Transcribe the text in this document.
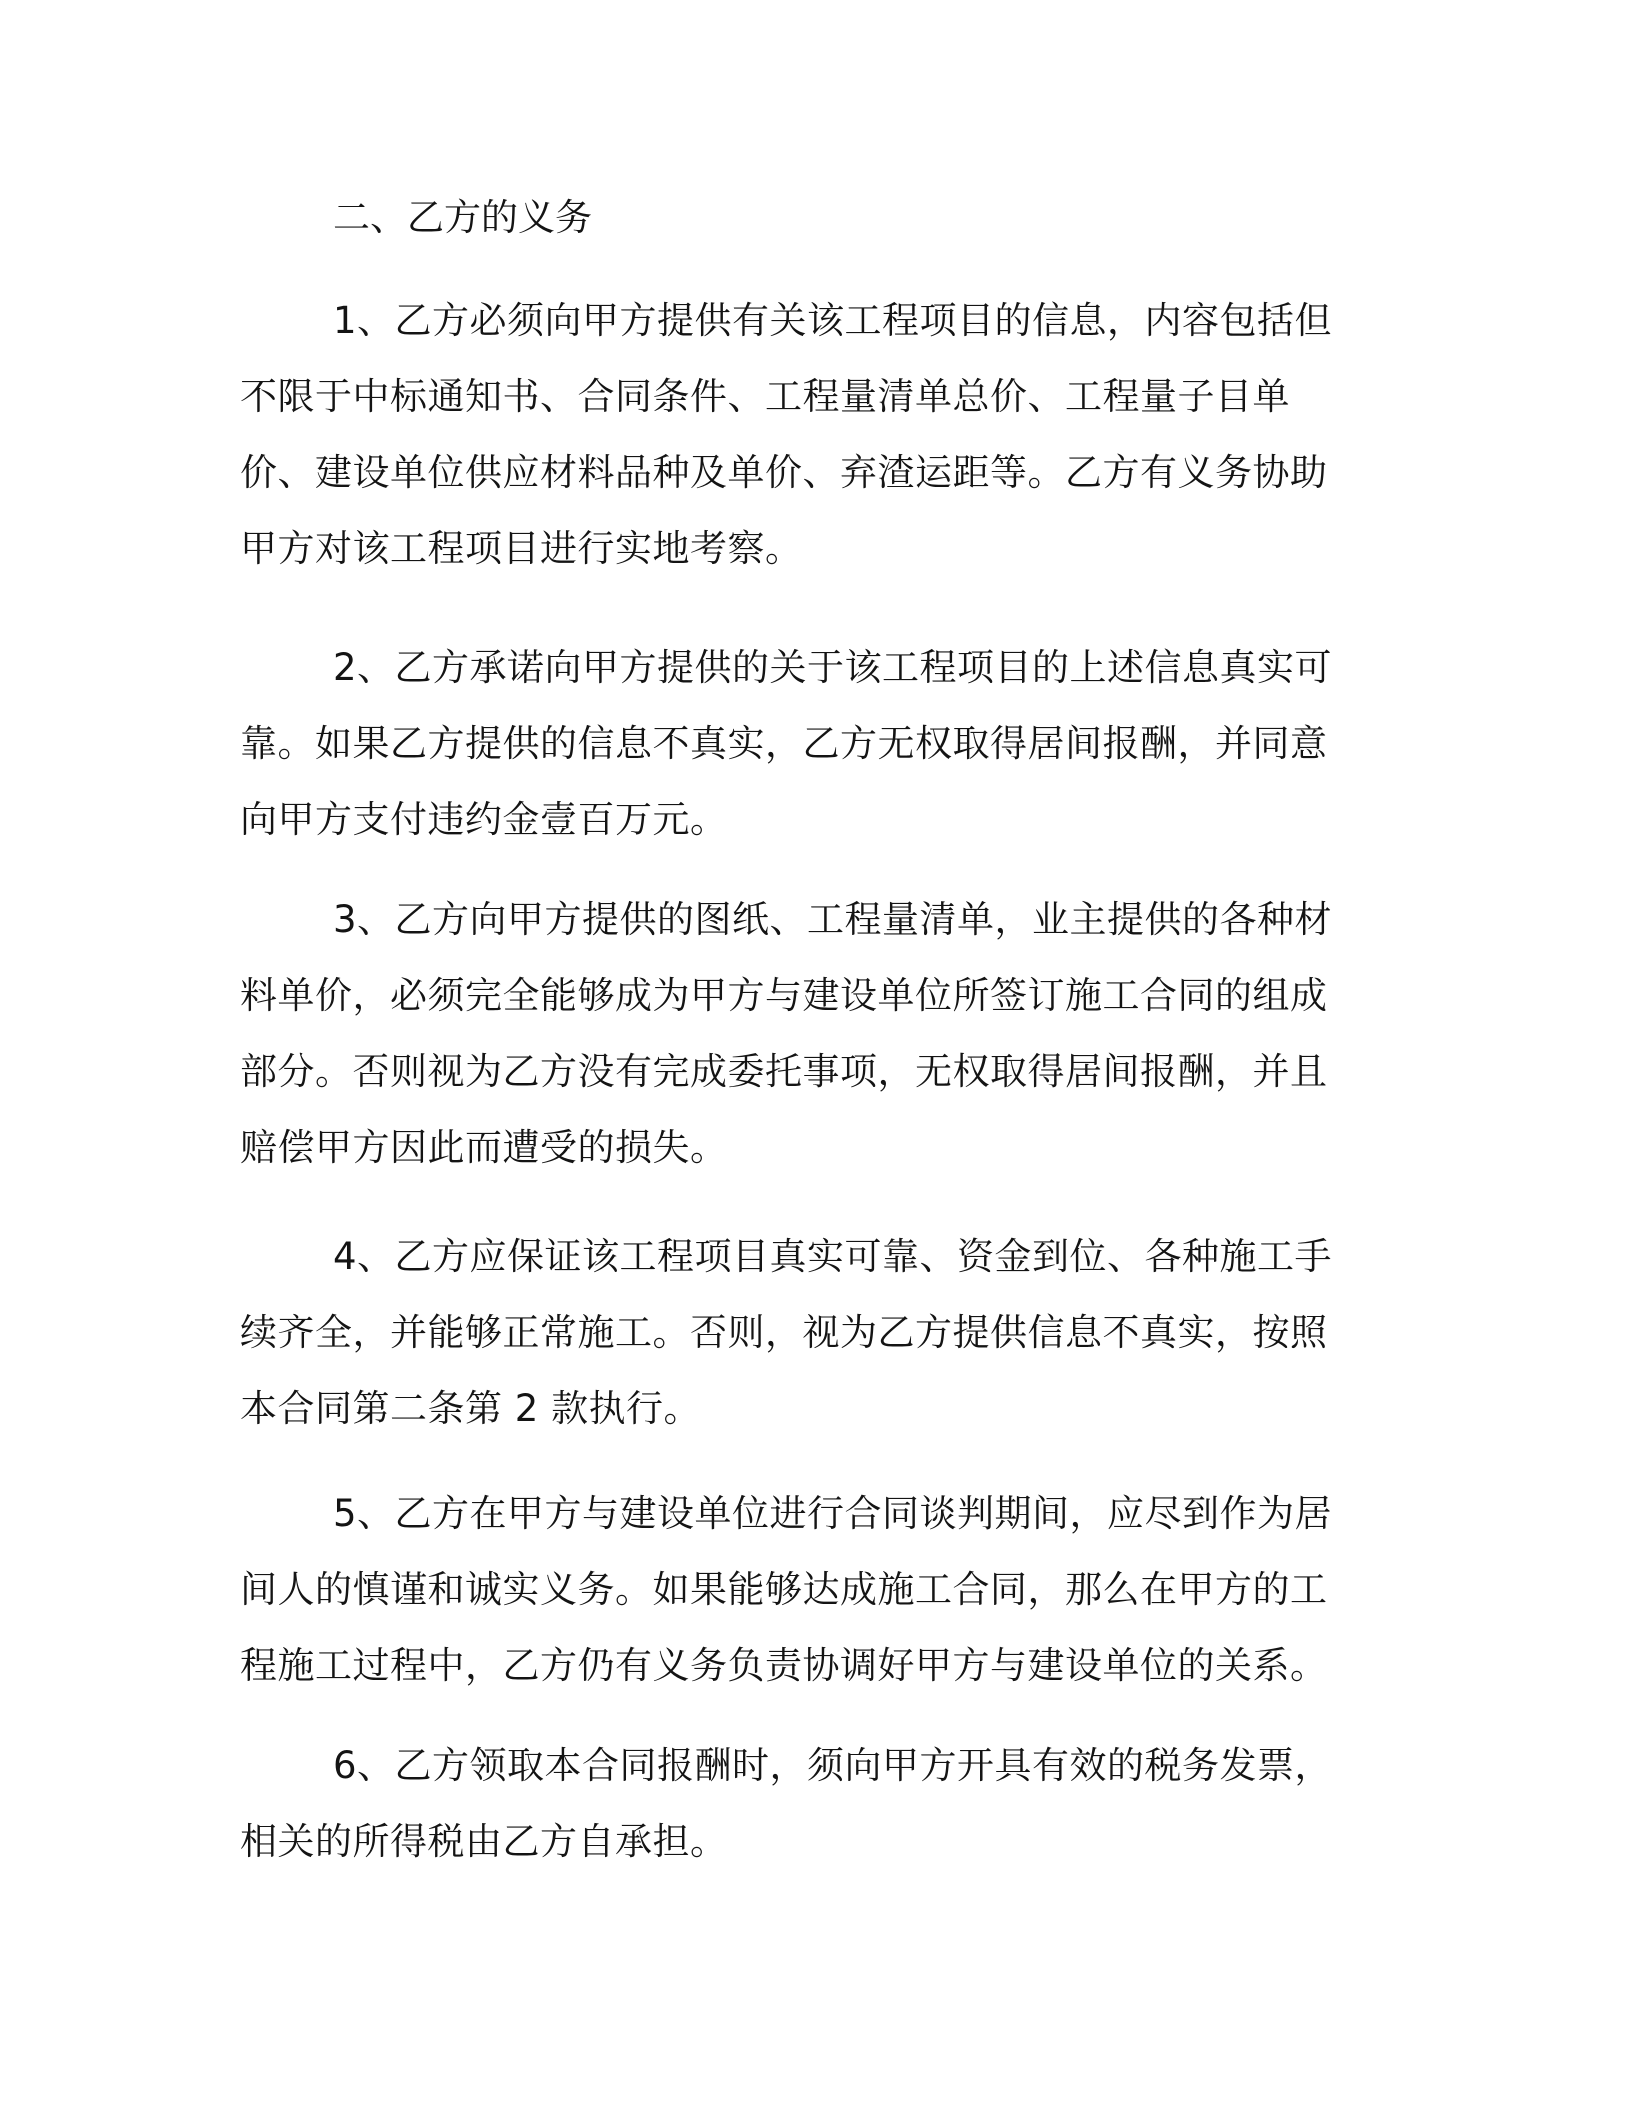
二、乙方的义务

1、乙方必须向甲方提供有关该工程项目的信息，内容包括但不限于中标通知书、合同条件、工程量清单总价、工程量子目单价、建设单位供应材料品种及单价、弃渣运距等。乙方有义务协助甲方对该工程项目进行实地考察。

2、乙方承诺向甲方提供的关于该工程项目的上述信息真实可靠。如果乙方提供的信息不真实，乙方无权取得居间报酬，并同意向甲方支付违约金壹百万元。

3、乙方向甲方提供的图纸、工程量清单，业主提供的各种材料单价，必须完全能够成为甲方与建设单位所签订施工合同的组成部分。否则视为乙方没有完成委托事项，无权取得居间报酬，并且赔偿甲方因此而遭受的损失。

4、乙方应保证该工程项目真实可靠、资金到位、各种施工手续齐全，并能够正常施工。否则，视为乙方提供信息不真实，按照本合同第二条第 2 款执行。

5、乙方在甲方与建设单位进行合同谈判期间，应尽到作为居间人的慎谨和诚实义务。如果能够达成施工合同，那么在甲方的工程施工过程中，乙方仍有义务负责协调好甲方与建设单位的关系。

6、乙方领取本合同报酬时，须向甲方开具有效的税务发票，相关的所得税由乙方自承担。
